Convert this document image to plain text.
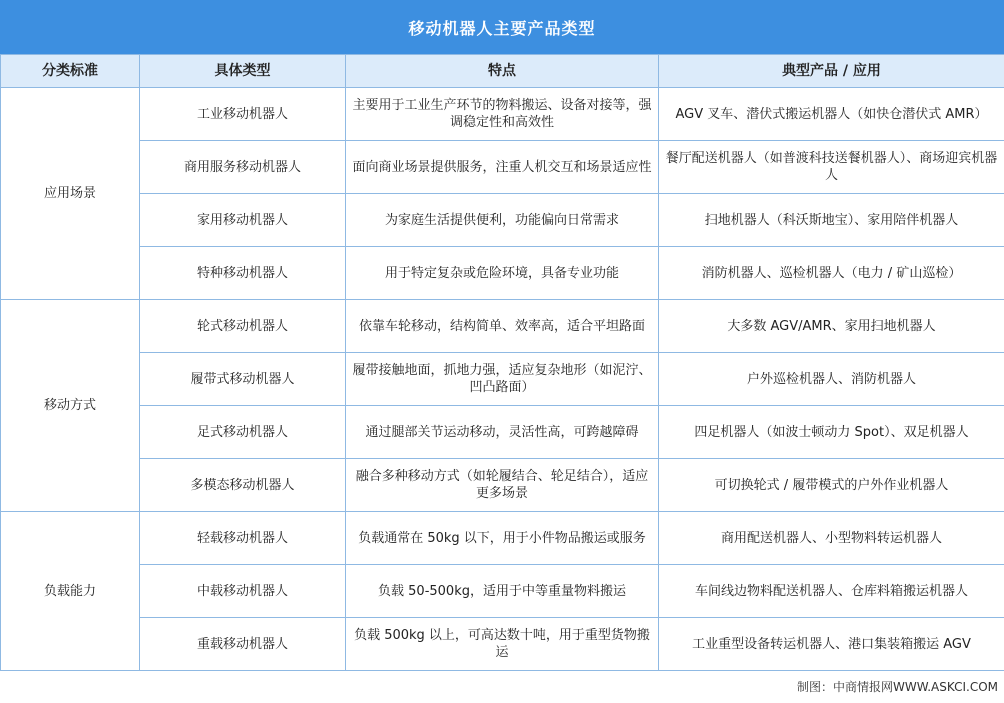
移动机器人主要产品类型
分类标准	具体类型	特点	典型产品 / 应用
应用场景	工业移动机器人	主要用于工业生产环节的物料搬运、设备对接等，强调稳定性和高效性	AGV 叉车、潜伏式搬运机器人（如快仓潜伏式 AMR）
	商用服务移动机器人	面向商业场景提供服务，注重人机交互和场景适应性	餐厅配送机器人（如普渡科技送餐机器人）、商场迎宾机器人
	家用移动机器人	为家庭生活提供便利，功能偏向日常需求	扫地机器人（科沃斯地宝）、家用陪伴机器人
	特种移动机器人	用于特定复杂或危险环境，具备专业功能	消防机器人、巡检机器人（电力 / 矿山巡检）
移动方式	轮式移动机器人	依靠车轮移动，结构简单、效率高，适合平坦路面	大多数 AGV/AMR、家用扫地机器人
	履带式移动机器人	履带接触地面，抓地力强，适应复杂地形（如泥泞、凹凸路面）	户外巡检机器人、消防机器人
	足式移动机器人	通过腿部关节运动移动，灵活性高，可跨越障碍	四足机器人（如波士顿动力 Spot）、双足机器人
	多模态移动机器人	融合多种移动方式（如轮履结合、轮足结合），适应更多场景	可切换轮式 / 履带模式的户外作业机器人
负载能力	轻载移动机器人	负载通常在 50kg 以下，用于小件物品搬运或服务	商用配送机器人、小型物料转运机器人
	中载移动机器人	负载 50-500kg，适用于中等重量物料搬运	车间线边物料配送机器人、仓库料箱搬运机器人
	重载移动机器人	负载 500kg 以上，可高达数十吨，用于重型货物搬运	工业重型设备转运机器人、港口集装箱搬运 AGV
制图：中商情报网WWW.ASKCI.COM
